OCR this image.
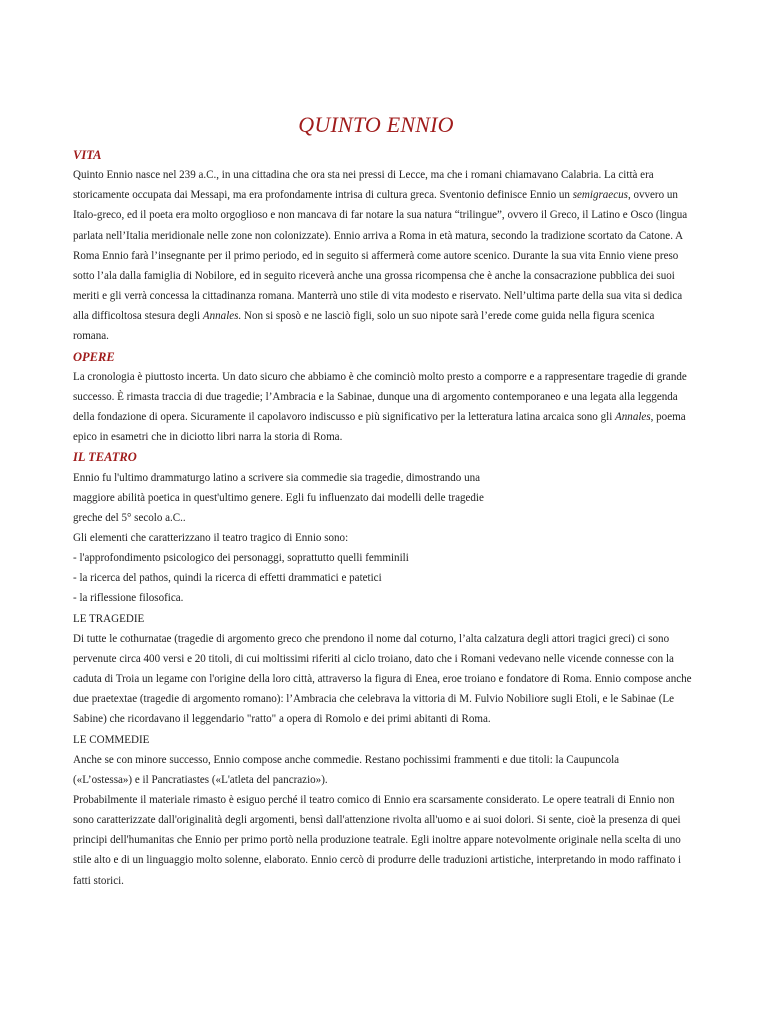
QUINTO ENNIO

VITA

Quinto Ennio nasce nel 239 a.C., in una cittadina che ora sta nei pressi di Lecce, ma che i romani chiamavano Calabria. La città era storicamente occupata dai Messapi, ma era profondamente intrisa di cultura greca. Sventonio definisce Ennio un semigraecus, ovvero un Italo-greco, ed il poeta era molto orgoglioso e non mancava di far notare la sua natura “trilingue”, ovvero il Greco, il Latino e Osco (lingua parlata nell’Italia meridionale nelle zone non colonizzate). Ennio arriva a Roma in età matura, secondo la tradizione scortato da Catone. A Roma Ennio farà l’insegnante per il primo periodo, ed in seguito si affermerà come autore scenico. Durante la sua vita Ennio viene preso sotto l’ala dalla famiglia di Nobilore, ed in seguito riceverà anche una grossa ricompensa che è anche la consacrazione pubblica dei suoi meriti e gli verrà concessa la cittadinanza romana. Manterrà uno stile di vita modesto e riservato. Nell’ultima parte della sua vita si dedica alla difficoltosa stesura degli Annales. Non si sposò e ne lasciò figli, solo un suo nipote sarà l’erede come guida nella figura scenica romana.

OPERE

La cronologia è piuttosto incerta. Un dato sicuro che abbiamo è che cominciò molto presto a comporre e a rappresentare tragedie di grande successo. È rimasta traccia di due tragedie; l’Ambracia e la Sabinae, dunque una di argomento contemporaneo e una legata alla leggenda della fondazione di opera. Sicuramente il capolavoro indiscusso e più significativo per la letteratura latina arcaica sono gli Annales, poema epico in esametri che in diciotto libri narra la storia di Roma.

IL TEATRO

Ennio fu l'ultimo drammaturgo latino a scrivere sia commedie sia tragedie, dimostrando una

maggiore abilità poetica in quest'ultimo genere. Egli fu influenzato dai modelli delle tragedie

greche del 5° secolo a.C..

Gli elementi che caratterizzano il teatro tragico di Ennio sono:

- l'approfondimento psicologico dei personaggi, soprattutto quelli femminili

- la ricerca del pathos, quindi la ricerca di effetti drammatici e patetici

- la riflessione filosofica.

LE TRAGEDIE

Di tutte le cothurnatae (tragedie di argomento greco che prendono il nome dal coturno, l’alta calzatura degli attori tragici greci) ci sono pervenute circa 400 versi e 20 titoli, di cui moltissimi riferiti al ciclo troiano, dato che i Romani vedevano nelle vicende connesse con la caduta di Troia un legame con l'origine della loro città, attraverso la figura di Enea, eroe troiano e fondatore di Roma. Ennio compose anche due praetextae (tragedie di argomento romano): l’Ambracia che celebrava la vittoria di M. Fulvio Nobiliore sugli Etoli, e le Sabinae (Le Sabine) che ricordavano il leggendario "ratto" a opera di Romolo e dei primi abitanti di Roma.

LE COMMEDIE

Anche se con minore successo, Ennio compose anche commedie. Restano pochissimi frammenti e due titoli: la Caupuncola

(«L’ostessa») e il Pancratiastes («L'atleta del pancrazio»).

Probabilmente il materiale rimasto è esiguo perché il teatro comico di Ennio era scarsamente considerato. Le opere teatrali di Ennio non sono caratterizzate dall'originalità degli argomenti, bensì dall'attenzione rivolta all'uomo e ai suoi dolori. Si sente, cioè la presenza di quei principi dell'humanitas che Ennio per primo portò nella produzione teatrale. Egli inoltre appare notevolmente originale nella scelta di uno stile alto e di un linguaggio molto solenne, elaborato. Ennio cercò di produrre delle traduzioni artistiche, interpretando in modo raffinato i fatti storici.
